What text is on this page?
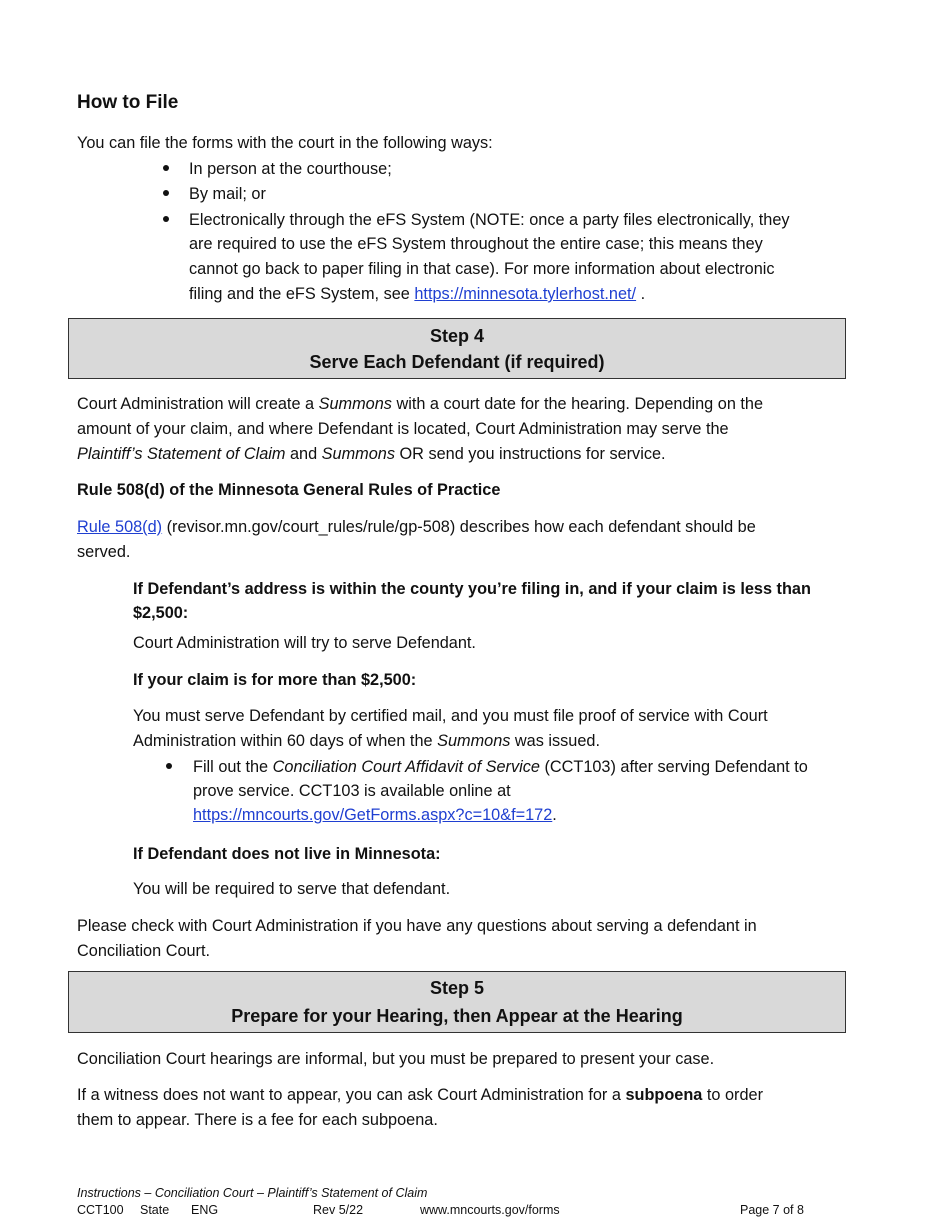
How to File
You can file the forms with the court in the following ways:
In person at the courthouse;
By mail; or
Electronically through the eFS System (NOTE: once a party files electronically, they
are required to use the eFS System throughout the entire case; this means they
cannot go back to paper filing in that case). For more information about electronic
filing and the eFS System, see https://minnesota.tylerhost.net/ .
Step 4
Serve Each Defendant (if required)
Court Administration will create a Summons with a court date for the hearing. Depending on the
amount of your claim, and where Defendant is located, Court Administration may serve the
Plaintiff’s Statement of Claim and Summons OR send you instructions for service.
Rule 508(d) of the Minnesota General Rules of Practice
Rule 508(d) (revisor.mn.gov/court_rules/rule/gp-508) describes how each defendant should be
served.
If Defendant’s address is within the county you’re filing in, and if your claim is less than
$2,500:
Court Administration will try to serve Defendant.
If your claim is for more than $2,500:
You must serve Defendant by certified mail, and you must file proof of service with Court
Administration within 60 days of when the Summons was issued.
Fill out the Conciliation Court Affidavit of Service (CCT103) after serving Defendant to
prove service. CCT103 is available online at
https://mncourts.gov/GetForms.aspx?c=10&f=172.
If Defendant does not live in Minnesota:
You will be required to serve that defendant.
Please check with Court Administration if you have any questions about serving a defendant in
Conciliation Court.
Step 5
Prepare for your Hearing, then Appear at the Hearing
Conciliation Court hearings are informal, but you must be prepared to present your case.
If a witness does not want to appear, you can ask Court Administration for a subpoena to order
them to appear. There is a fee for each subpoena.
Instructions – Conciliation Court – Plaintiff’s Statement of Claim
CCT100 State ENG	Rev 5/22	www.mncourts.gov/forms	Page 7 of 8
